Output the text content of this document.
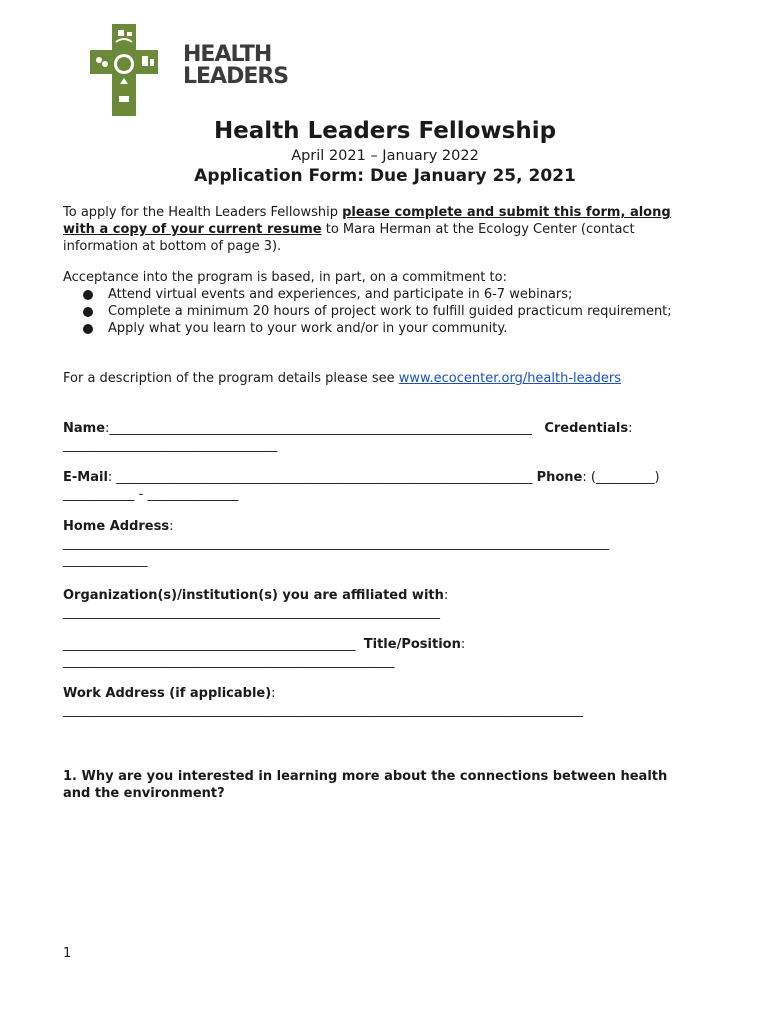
HEALTH
LEADERS
Health Leaders Fellowship

April 2021 – January 2022

Application Form: Due January 25, 2021

To apply for the Health Leaders Fellowship please complete and submit this form, along with a copy of your current resume to Mara Herman at the Ecology Center (contact information at bottom of page 3).

Acceptance into the program is based, in part, on a commitment to:

Attend virtual events and experiences, and participate in 6-7 webinars;
Complete a minimum 20 hours of project work to fulfill guided practicum requirement;
Apply what you learn to your work and/or in your community.

For a description of the program details please see www.ecocenter.org/health-leaders

Name:_________________________________________________________________ Credentials:

_________________________________

E-Mail: ________________________________________________________________ Phone: (_________)

___________ - ______________

Home Address:

____________________________________________________________________________________

_____________

Organization(s)/institution(s) you are affiliated with:

__________________________________________________________

_____________________________________________ Title/Position:

___________________________________________________

Work Address (if applicable):

________________________________________________________________________________

1. Why are you interested in learning more about the connections between health and the environment?

1
